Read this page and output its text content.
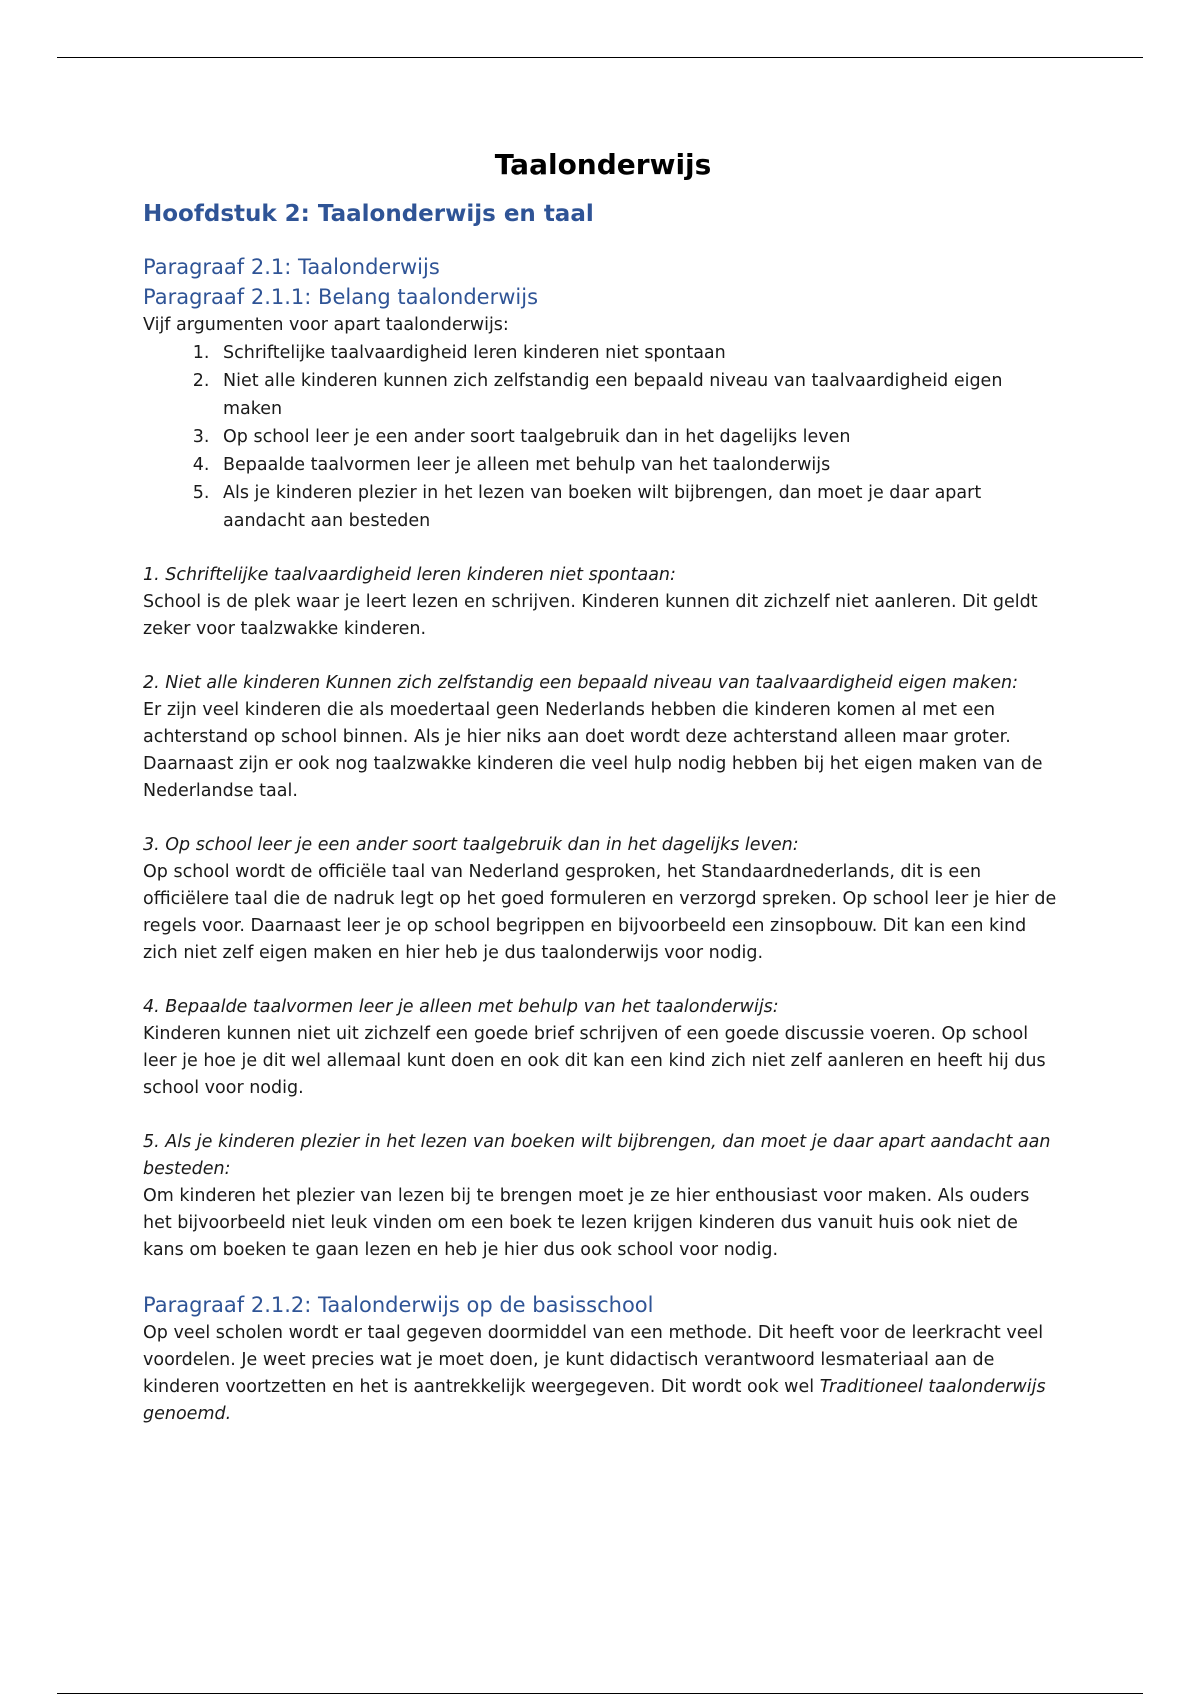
Taalonderwijs
Hoofdstuk 2: Taalonderwijs en taal
Paragraaf 2.1: Taalonderwijs
Paragraaf 2.1.1: Belang taalonderwijs
Vijf argumenten voor apart taalonderwijs:
1. Schriftelijke taalvaardigheid leren kinderen niet spontaan
2. Niet alle kinderen kunnen zich zelfstandig een bepaald niveau van taalvaardigheid eigen maken
3. Op school leer je een ander soort taalgebruik dan in het dagelijks leven
4. Bepaalde taalvormen leer je alleen met behulp van het taalonderwijs
5. Als je kinderen plezier in het lezen van boeken wilt bijbrengen, dan moet je daar apart aandacht aan besteden
1. Schriftelijke taalvaardigheid leren kinderen niet spontaan:
School is de plek waar je leert lezen en schrijven. Kinderen kunnen dit zichzelf niet aanleren. Dit geldt zeker voor taalzwakke kinderen.
2. Niet alle kinderen Kunnen zich zelfstandig een bepaald niveau van taalvaardigheid eigen maken:
Er zijn veel kinderen die als moedertaal geen Nederlands hebben die kinderen komen al met een achterstand op school binnen. Als je hier niks aan doet wordt deze achterstand alleen maar groter. Daarnaast zijn er ook nog taalzwakke kinderen die veel hulp nodig hebben bij het eigen maken van de Nederlandse taal.
3. Op school leer je een ander soort taalgebruik dan in het dagelijks leven:
Op school wordt de officiële taal van Nederland gesproken, het Standaardnederlands, dit is een officiëlere taal die de nadruk legt op het goed formuleren en verzorgd spreken. Op school leer je hier de regels voor. Daarnaast leer je op school begrippen en bijvoorbeeld een zinsopbouw. Dit kan een kind zich niet zelf eigen maken en hier heb je dus taalonderwijs voor nodig.
4. Bepaalde taalvormen leer je alleen met behulp van het taalonderwijs:
Kinderen kunnen niet uit zichzelf een goede brief schrijven of een goede discussie voeren. Op school leer je hoe je dit wel allemaal kunt doen en ook dit kan een kind zich niet zelf aanleren en heeft hij dus school voor nodig.
5. Als je kinderen plezier in het lezen van boeken wilt bijbrengen, dan moet je daar apart aandacht aan besteden:
Om kinderen het plezier van lezen bij te brengen moet je ze hier enthousiast voor maken. Als ouders het bijvoorbeeld niet leuk vinden om een boek te lezen krijgen kinderen dus vanuit huis ook niet de kans om boeken te gaan lezen en heb je hier dus ook school voor nodig.
Paragraaf 2.1.2: Taalonderwijs op de basisschool
Op veel scholen wordt er taal gegeven doormiddel van een methode. Dit heeft voor de leerkracht veel voordelen. Je weet precies wat je moet doen, je kunt didactisch verantwoord lesmateriaal aan de kinderen voortzetten en het is aantrekkelijk weergegeven. Dit wordt ook wel Traditioneel taalonderwijs genoemd.
